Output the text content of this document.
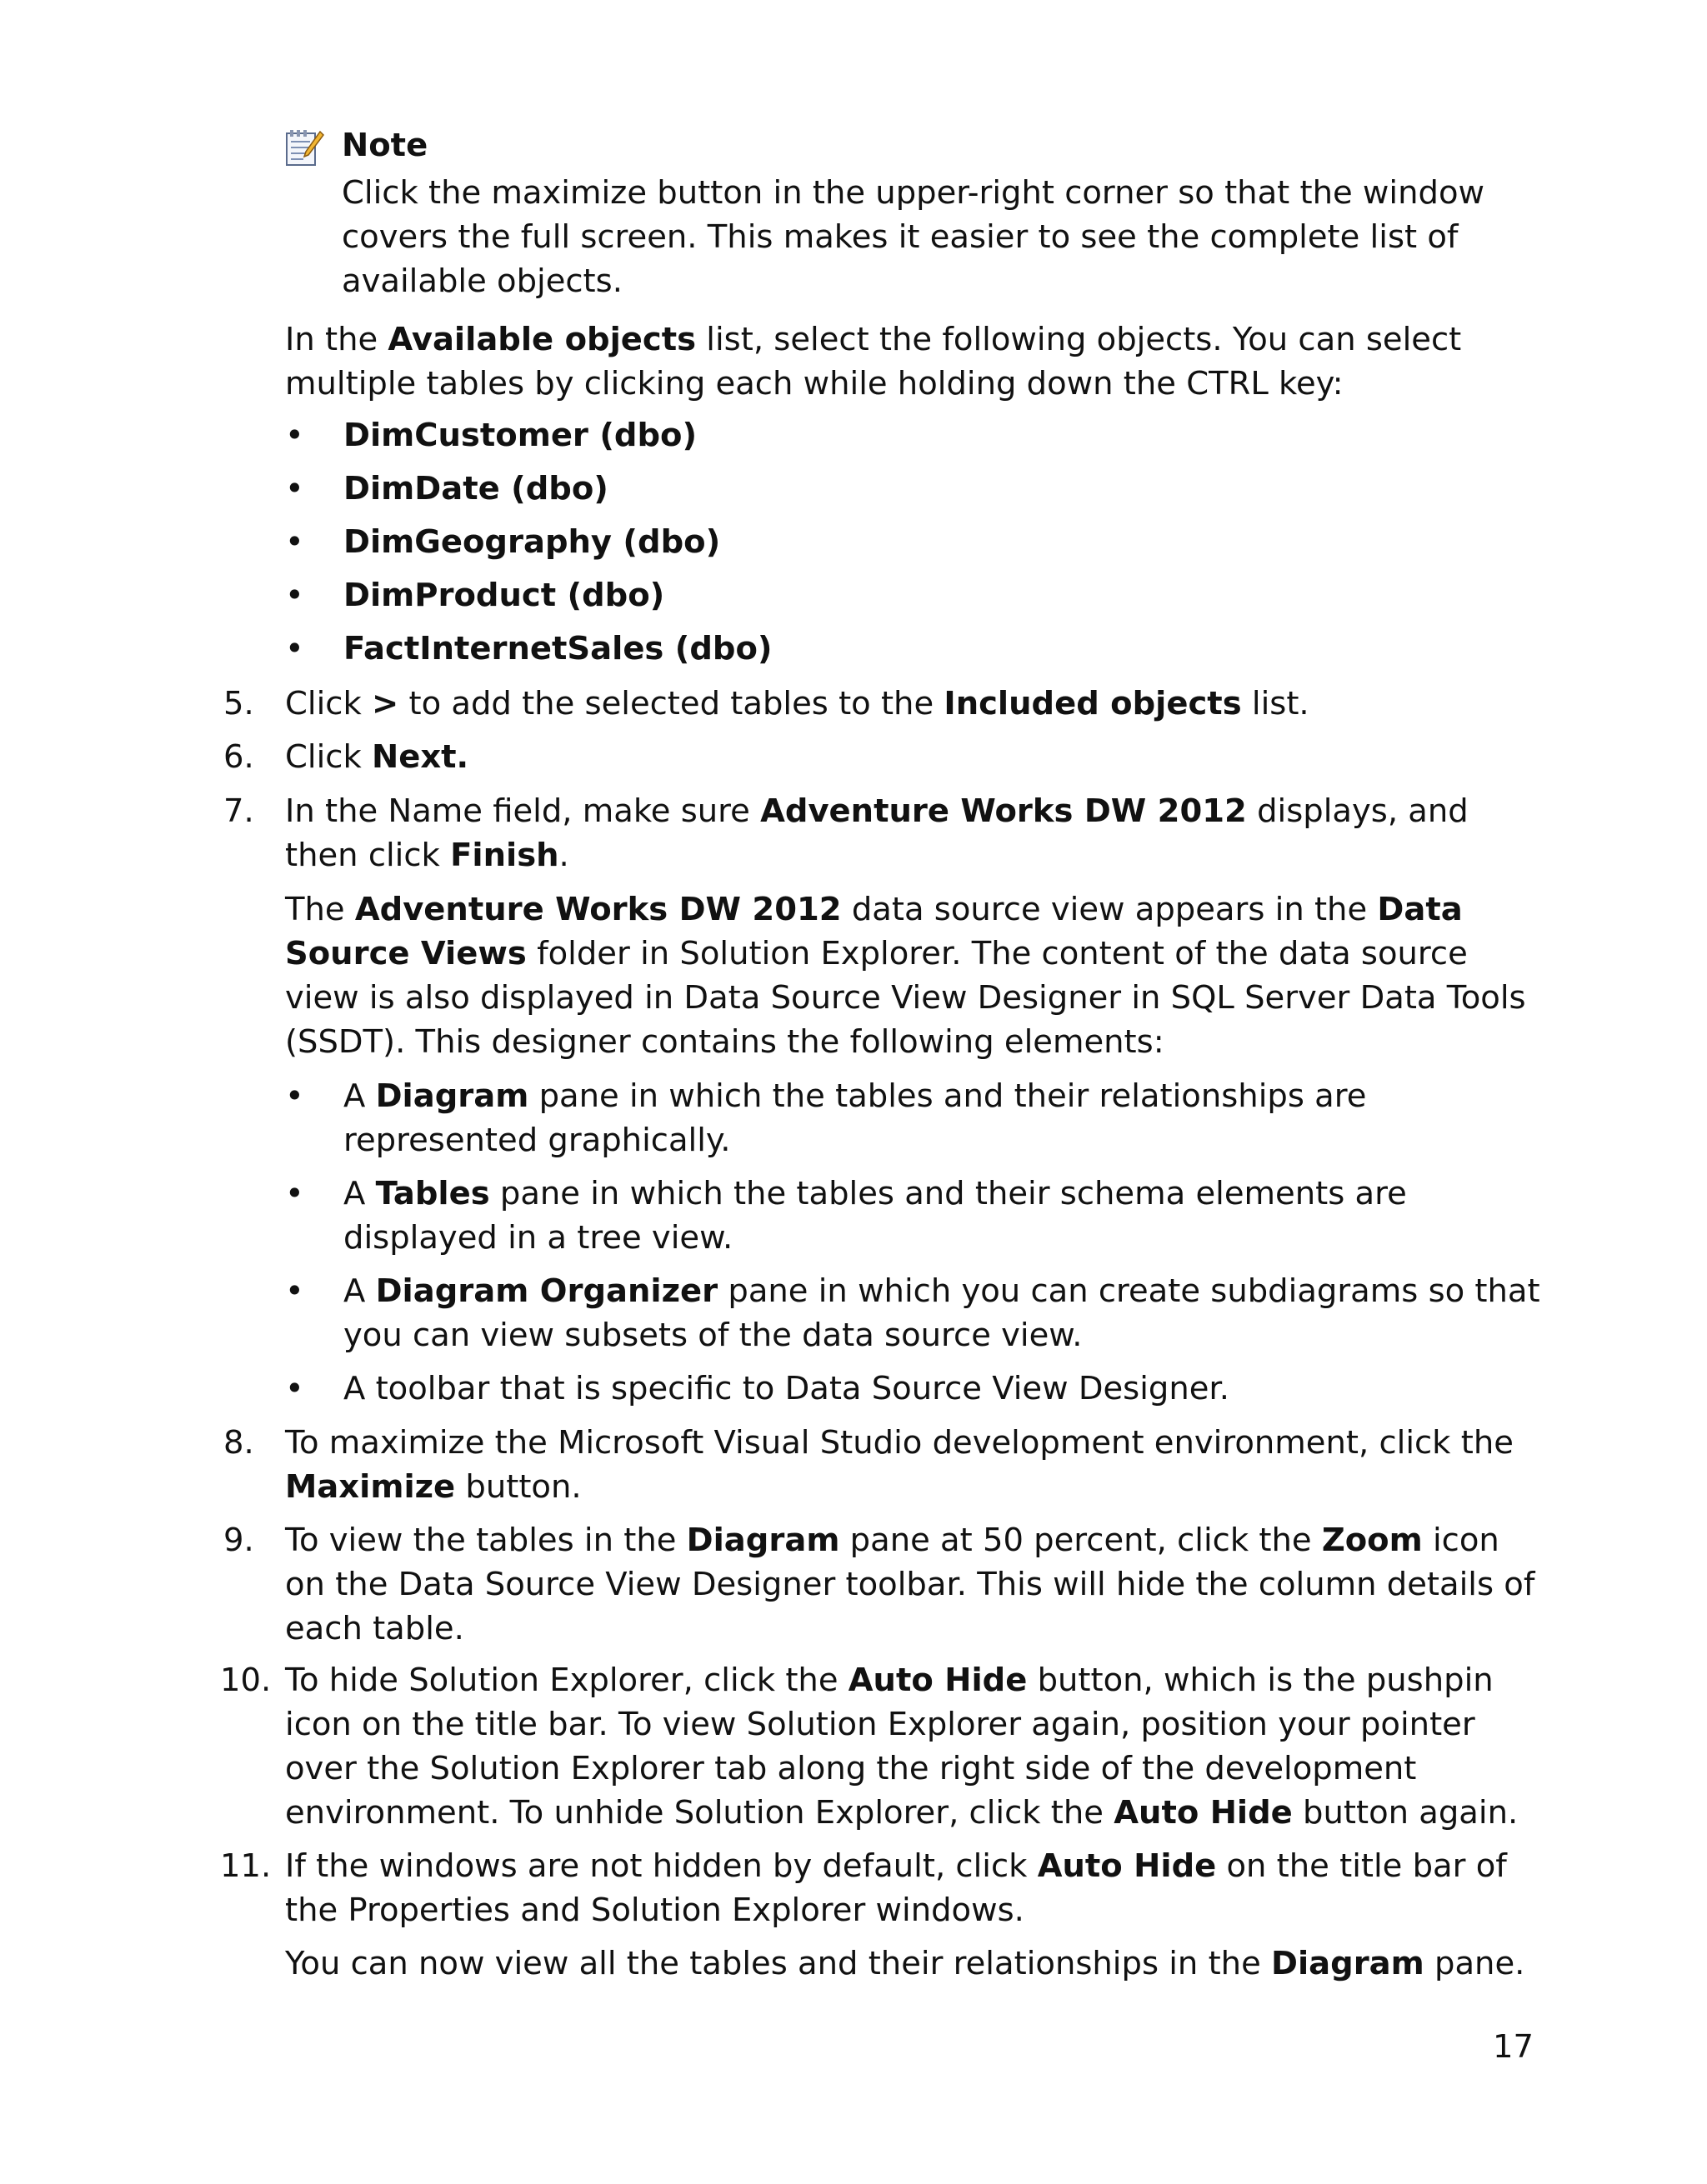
Note
Click the maximize button in the upper-right corner so that the window covers the full screen. This makes it easier to see the complete list of available objects.
In the Available objects list, select the following objects. You can select multiple tables by clicking each while holding down the CTRL key:
• DimCustomer (dbo)
• DimDate (dbo)
• DimGeography (dbo)
• DimProduct (dbo)
• FactInternetSales (dbo)
5. Click > to add the selected tables to the Included objects list.
6. Click Next.
7. In the Name field, make sure Adventure Works DW 2012 displays, and then click Finish.
The Adventure Works DW 2012 data source view appears in the Data Source Views folder in Solution Explorer. The content of the data source view is also displayed in Data Source View Designer in SQL Server Data Tools (SSDT). This designer contains the following elements:
• A Diagram pane in which the tables and their relationships are represented graphically.
• A Tables pane in which the tables and their schema elements are displayed in a tree view.
• A Diagram Organizer pane in which you can create subdiagrams so that you can view subsets of the data source view.
• A toolbar that is specific to Data Source View Designer.
8. To maximize the Microsoft Visual Studio development environment, click the Maximize button.
9. To view the tables in the Diagram pane at 50 percent, click the Zoom icon on the Data Source View Designer toolbar. This will hide the column details of each table.
10. To hide Solution Explorer, click the Auto Hide button, which is the pushpin icon on the title bar. To view Solution Explorer again, position your pointer over the Solution Explorer tab along the right side of the development environment. To unhide Solution Explorer, click the Auto Hide button again.
11. If the windows are not hidden by default, click Auto Hide on the title bar of the Properties and Solution Explorer windows.
You can now view all the tables and their relationships in the Diagram pane.
17
